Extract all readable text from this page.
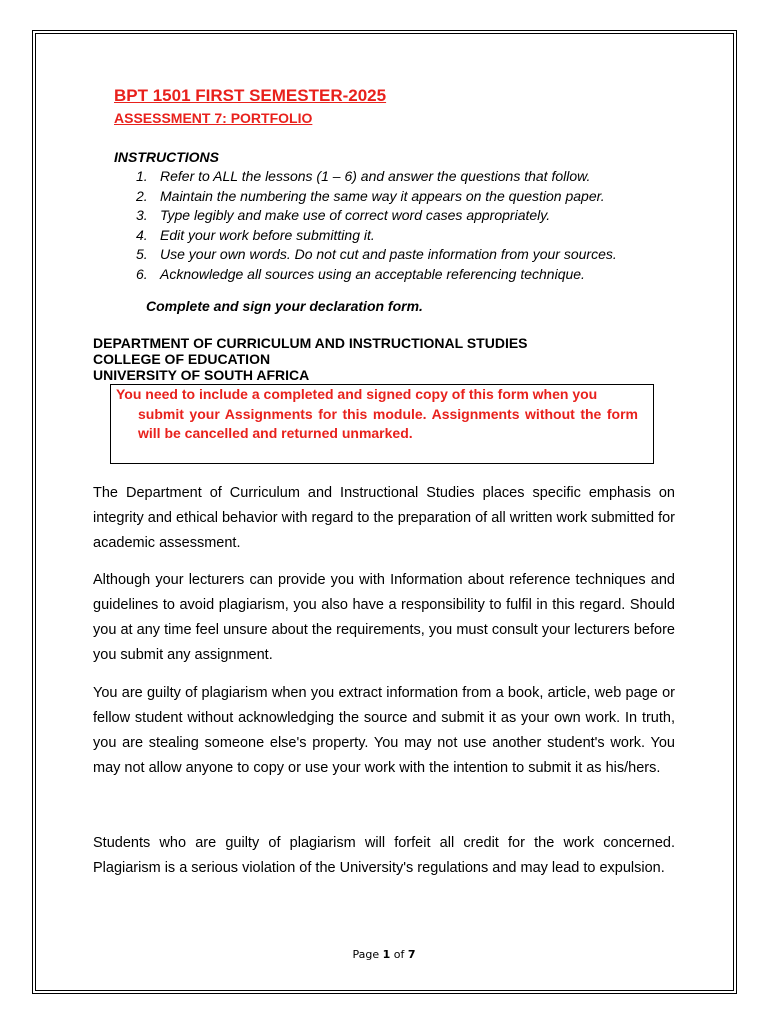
BPT 1501 FIRST SEMESTER-2025
ASSESSMENT 7: PORTFOLIO
INSTRUCTIONS
1. Refer to ALL the lessons (1 – 6) and answer the questions that follow.
2. Maintain the numbering the same way it appears on the question paper.
3. Type legibly and make use of correct word cases appropriately.
4. Edit your work before submitting it.
5. Use your own words. Do not cut and paste information from your sources.
6. Acknowledge all sources using an acceptable referencing technique.
Complete and sign your declaration form.
DEPARTMENT OF CURRICULUM AND INSTRUCTIONAL STUDIES
COLLEGE OF EDUCATION
UNIVERSITY OF SOUTH AFRICA
You need to include a completed and signed copy of this form when you
submit your Assignments for this module. Assignments without the form will be cancelled and returned unmarked.

The Department of Curriculum and Instructional Studies places specific emphasis on integrity and ethical behavior with regard to the preparation of all written work submitted for academic assessment.

Although your lecturers can provide you with Information about reference techniques and guidelines to avoid plagiarism, you also have a responsibility to fulfil in this regard. Should you at any time feel unsure about the requirements, you must consult your lecturers before you submit any assignment.

You are guilty of plagiarism when you extract information from a book, article, web page or fellow student without acknowledging the source and submit it as your own work. In truth, you are stealing someone else's property. You may not use another student's work. You may not allow anyone to copy or use your work with the intention to submit it as his/hers.

Students who are guilty of plagiarism will forfeit all credit for the work concerned. Plagiarism is a serious violation of the University's regulations and may lead to expulsion.

Page 1 of 7
